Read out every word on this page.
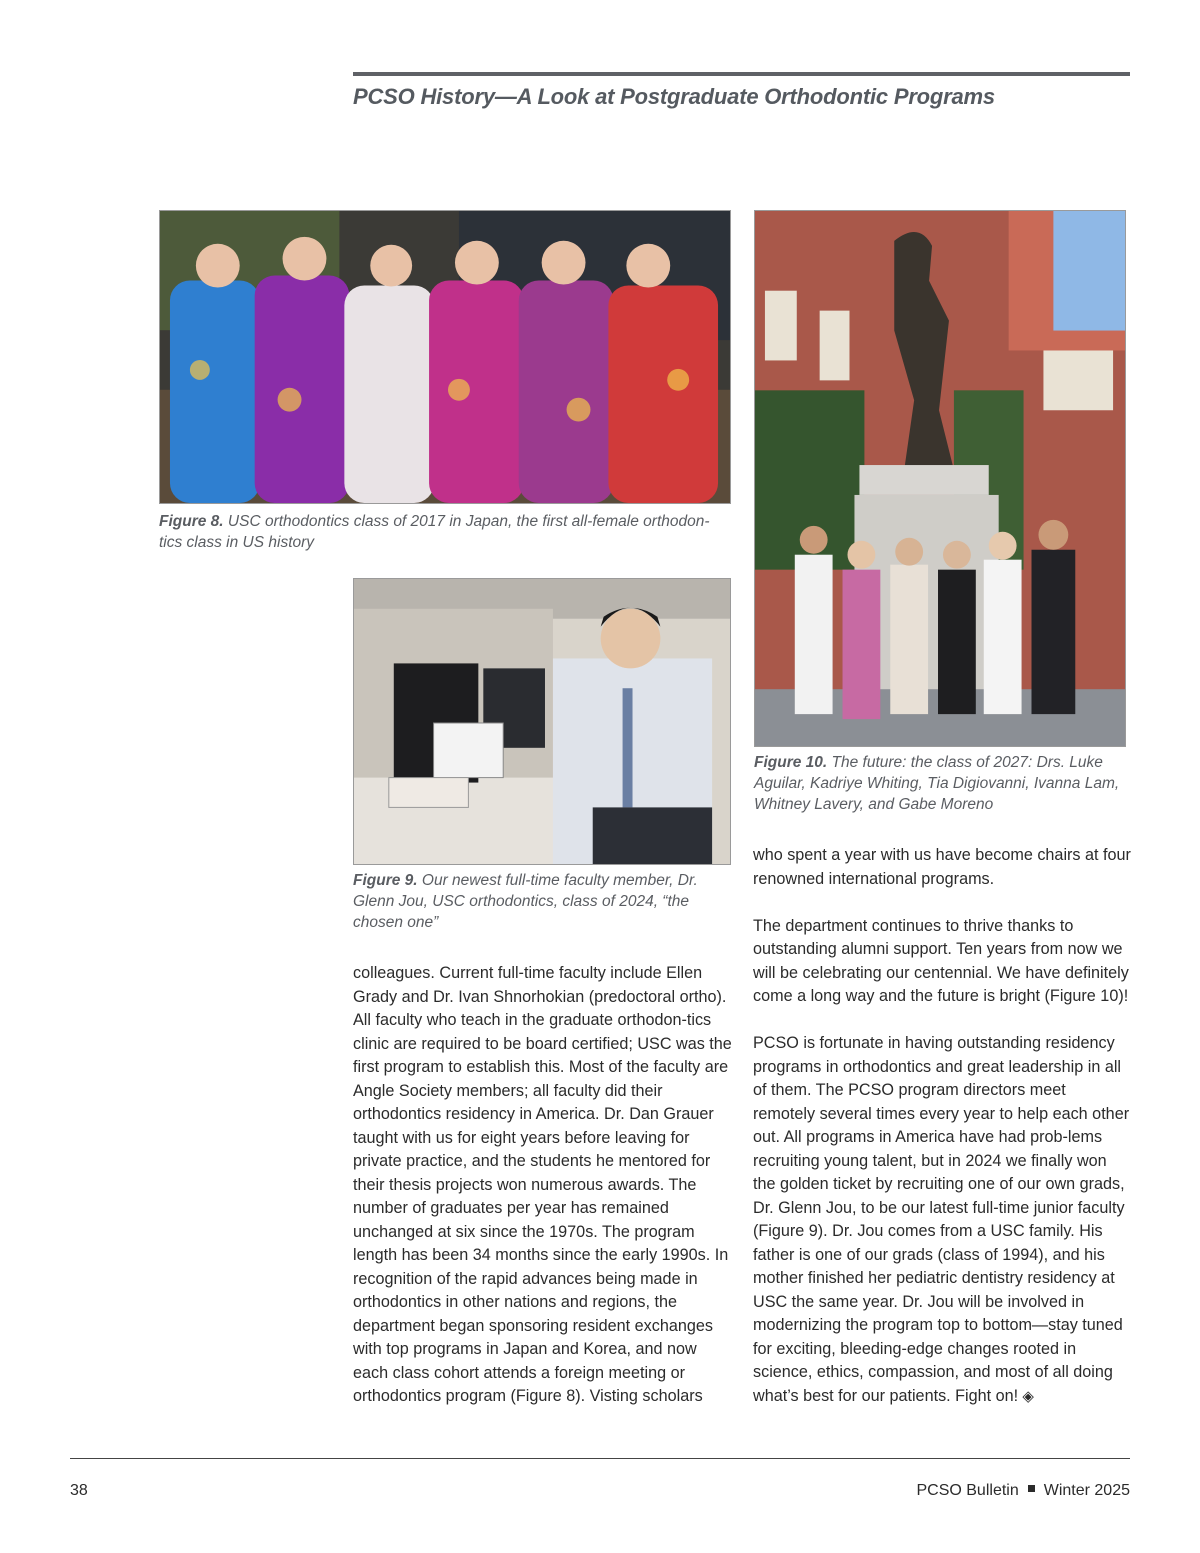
PCSO History—A Look at Postgraduate Orthodontic Programs
Figure 8. USC orthodontics class of 2017 in Japan, the first all-female orthodon-tics class in US history
Figure 9. Our newest full-time faculty member, Dr. Glenn Jou, USC orthodontics, class of 2024, “the chosen one”
Figure 10. The future: the class of 2027: Drs. Luke Aguilar, Kadriye Whiting, Tia Digiovanni, Ivanna Lam, Whitney Lavery, and Gabe Moreno

colleagues. Current full-time faculty include Ellen Grady and Dr. Ivan Shnorhokian (predoctoral ortho). All faculty who teach in the graduate orthodon-tics clinic are required to be board certified; USC was the first program to establish this. Most of the faculty are Angle Society members; all faculty did their orthodontics residency in America. Dr. Dan Grauer taught with us for eight years before leaving for private practice, and the students he mentored for their thesis projects won numerous awards. The number of graduates per year has remained unchanged at six since the 1970s. The program length has been 34 months since the early 1990s. In recognition of the rapid advances being made in orthodontics in other nations and regions, the department began sponsoring resident exchanges with top programs in Japan and Korea, and now each class cohort attends a foreign meeting or orthodontics program (Figure 8). Visting scholars

who spent a year with us have become chairs at four renowned international programs.

The department continues to thrive thanks to outstanding alumni support. Ten years from now we will be celebrating our centennial. We have definitely come a long way and the future is bright (Figure 10)!

PCSO is fortunate in having outstanding residency programs in orthodontics and great leadership in all of them. The PCSO program directors meet remotely several times every year to help each other out. All programs in America have had prob-lems recruiting young talent, but in 2024 we finally won the golden ticket by recruiting one of our own grads, Dr. Glenn Jou, to be our latest full-time junior faculty (Figure 9). Dr. Jou comes from a USC family. His father is one of our grads (class of 1994), and his mother finished her pediatric dentistry residency at USC the same year. Dr. Jou will be involved in modernizing the program top to bottom—stay tuned for exciting, bleeding-edge changes rooted in science, ethics, compassion, and most of all doing what’s best for our patients. Fight on! ◈

38	PCSO Bulletin Winter 2025
